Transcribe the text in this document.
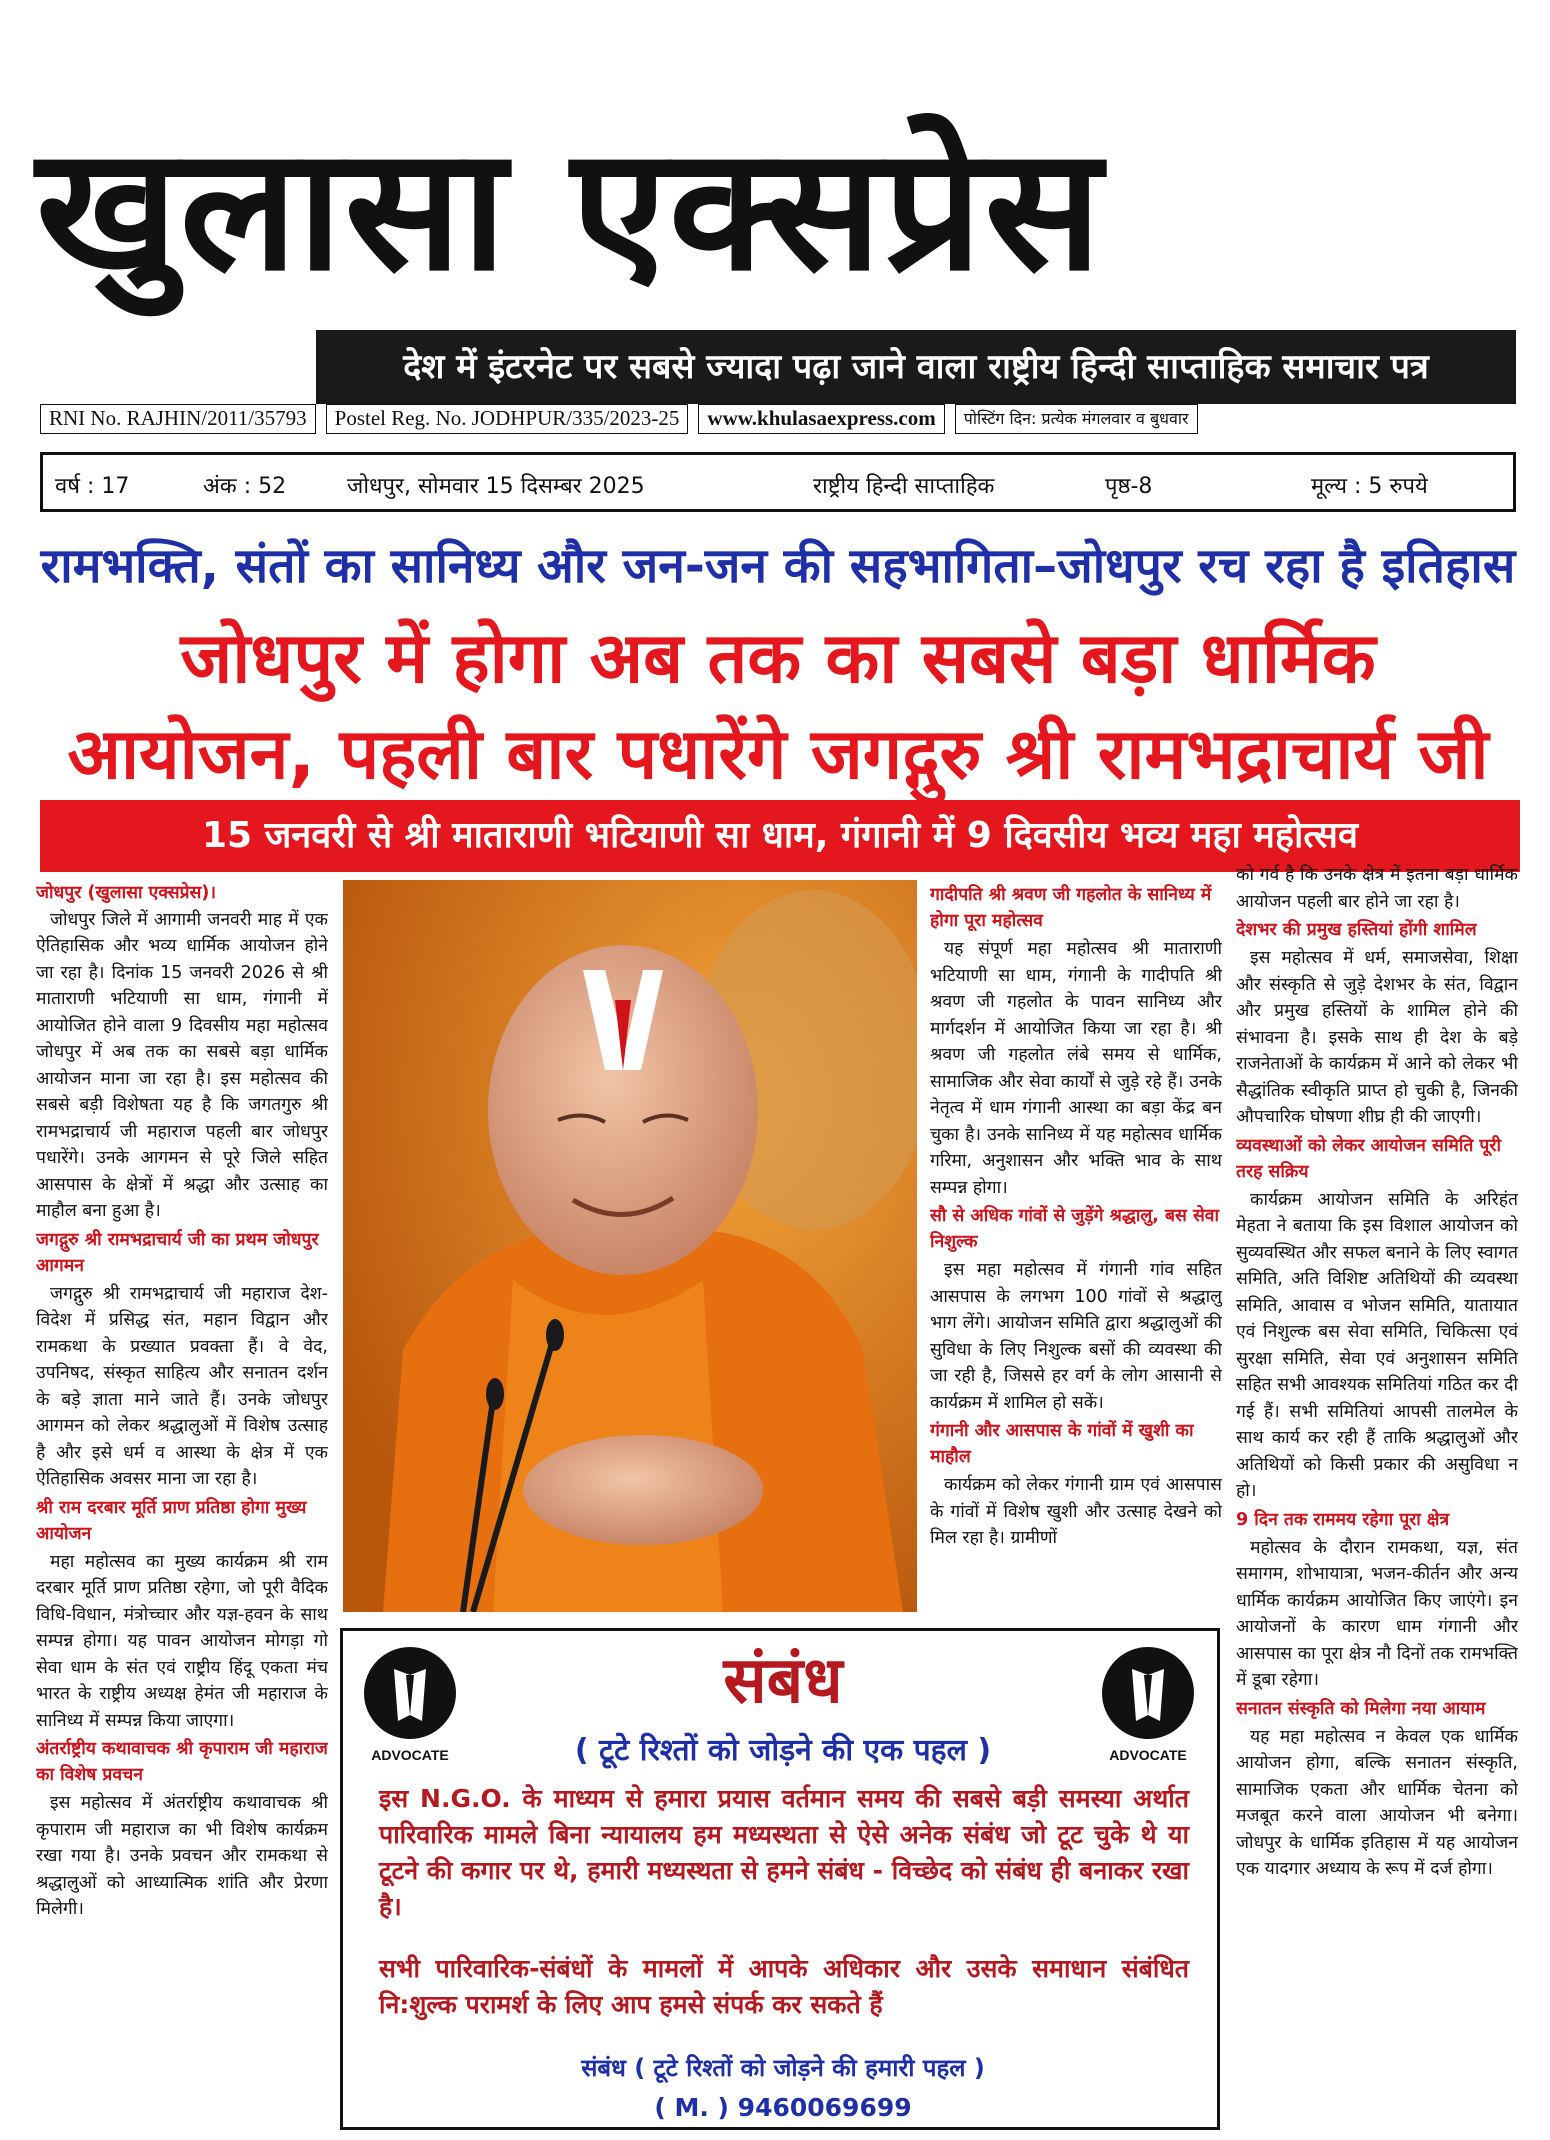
खुलासा एक्सप्रेस
देश में इंटरनेट पर सबसे ज्यादा पढ़ा जाने वाला राष्ट्रीय हिन्दी साप्ताहिक समाचार पत्र
RNI No. RAJHIN/2011/35793	Postel Reg. No. JODHPUR/335/2023-25	www.khulasaexpress.com	पोस्टिंग दिन: प्रत्येक मंगलवार व बुधवार
वर्ष : 17	अंक : 52	जोधपुर, सोमवार 15 दिसम्बर 2025	राष्ट्रीय हिन्दी साप्ताहिक	पृष्ठ-8	मूल्य : 5 रुपये
रामभक्ति, संतों का सानिध्य और जन-जन की सहभागिता–जोधपुर रच रहा है इतिहास
जोधपुर में होगा अब तक का सबसे बड़ा धार्मिक
आयोजन, पहली बार पधारेंगे जगद्गुरु श्री रामभद्राचार्य जी
15 जनवरी से श्री माताराणी भटियाणी सा धाम, गंगानी में 9 दिवसीय भव्य महा महोत्सव
जोधपुर (खुलासा एक्सप्रेस)।

जोधपुर जिले में आगामी जनवरी माह में एक ऐतिहासिक और भव्य धार्मिक आयोजन होने जा रहा है। दिनांक 15 जनवरी 2026 से श्री माताराणी भटियाणी सा धाम, गंगानी में आयोजित होने वाला 9 दिवसीय महा महोत्सव जोधपुर में अब तक का सबसे बड़ा धार्मिक आयोजन माना जा रहा है। इस महोत्सव की सबसे बड़ी विशेषता यह है कि जगतगुरु श्री रामभद्राचार्य जी महाराज पहली बार जोधपुर पधारेंगे। उनके आगमन से पूरे जिले सहित आसपास के क्षेत्रों में श्रद्धा और उत्साह का माहौल बना हुआ है।

जगद्गुरु श्री रामभद्राचार्य जी का प्रथम जोधपुर आगमन

जगद्गुरु श्री रामभद्राचार्य जी महाराज देश-विदेश में प्रसिद्ध संत, महान विद्वान और रामकथा के प्रख्यात प्रवक्ता हैं। वे वेद, उपनिषद, संस्कृत साहित्य और सनातन दर्शन के बड़े ज्ञाता माने जाते हैं। उनके जोधपुर आगमन को लेकर श्रद्धालुओं में विशेष उत्साह है और इसे धर्म व आस्था के क्षेत्र में एक ऐतिहासिक अवसर माना जा रहा है।

श्री राम दरबार मूर्ति प्राण प्रतिष्ठा होगा मुख्य आयोजन

महा महोत्सव का मुख्य कार्यक्रम श्री राम दरबार मूर्ति प्राण प्रतिष्ठा रहेगा, जो पूरी वैदिक विधि-विधान, मंत्रोच्चार और यज्ञ-हवन के साथ सम्पन्न होगा। यह पावन आयोजन मोगड़ा गो सेवा धाम के संत एवं राष्ट्रीय हिंदू एकता मंच भारत के राष्ट्रीय अध्यक्ष हेमंत जी महाराज के सानिध्य में सम्पन्न किया जाएगा।

अंतर्राष्ट्रीय कथावाचक श्री कृपाराम जी महाराज का विशेष प्रवचन

इस महोत्सव में अंतर्राष्ट्रीय कथावाचक श्री कृपाराम जी महाराज का भी विशेष कार्यक्रम रखा गया है। उनके प्रवचन और रामकथा से श्रद्धालुओं को आध्यात्मिक शांति और प्रेरणा मिलेगी।

गादीपति श्री श्रवण जी गहलोत के सानिध्य में होगा पूरा महोत्सव

यह संपूर्ण महा महोत्सव श्री माताराणी भटियाणी सा धाम, गंगानी के गादीपति श्री श्रवण जी गहलोत के पावन सानिध्य और मार्गदर्शन में आयोजित किया जा रहा है। श्री श्रवण जी गहलोत लंबे समय से धार्मिक, सामाजिक और सेवा कार्यों से जुड़े रहे हैं। उनके नेतृत्व में धाम गंगानी आस्था का बड़ा केंद्र बन चुका है। उनके सानिध्य में यह महोत्सव धार्मिक गरिमा, अनुशासन और भक्ति भाव के साथ सम्पन्न होगा।

सौ से अधिक गांवों से जुड़ेंगे श्रद्धालु, बस सेवा निशुल्क

इस महा महोत्सव में गंगानी गांव सहित आसपास के लगभग 100 गांवों से श्रद्धालु भाग लेंगे। आयोजन समिति द्वारा श्रद्धालुओं की सुविधा के लिए निशुल्क बसों की व्यवस्था की जा रही है, जिससे हर वर्ग के लोग आसानी से कार्यक्रम में शामिल हो सकें।

गंगानी और आसपास के गांवों में खुशी का माहौल

कार्यक्रम को लेकर गंगानी ग्राम एवं आसपास के गांवों में विशेष खुशी और उत्साह देखने को मिल रहा है। ग्रामीणों

को गर्व है कि उनके क्षेत्र में इतना बड़ा धार्मिक आयोजन पहली बार होने जा रहा है।

देशभर की प्रमुख हस्तियां होंगी शामिल

इस महोत्सव में धर्म, समाजसेवा, शिक्षा और संस्कृति से जुड़े देशभर के संत, विद्वान और प्रमुख हस्तियों के शामिल होने की संभावना है। इसके साथ ही देश के बड़े राजनेताओं के कार्यक्रम में आने को लेकर भी सैद्धांतिक स्वीकृति प्राप्त हो चुकी है, जिनकी औपचारिक घोषणा शीघ्र ही की जाएगी।

व्यवस्थाओं को लेकर आयोजन समिति पूरी तरह सक्रिय

कार्यक्रम आयोजन समिति के अरिहंत मेहता ने बताया कि इस विशाल आयोजन को सुव्यवस्थित और सफल बनाने के लिए स्वागत समिति, अति विशिष्ट अतिथियों की व्यवस्था समिति, आवास व भोजन समिति, यातायात एवं निशुल्क बस सेवा समिति, चिकित्सा एवं सुरक्षा समिति, सेवा एवं अनुशासन समिति सहित सभी आवश्यक समितियां गठित कर दी गई हैं। सभी समितियां आपसी तालमेल के साथ कार्य कर रही हैं ताकि श्रद्धालुओं और अतिथियों को किसी प्रकार की असुविधा न हो।

9 दिन तक राममय रहेगा पूरा क्षेत्र

महोत्सव के दौरान रामकथा, यज्ञ, संत समागम, शोभायात्रा, भजन-कीर्तन और अन्य धार्मिक कार्यक्रम आयोजित किए जाएंगे। इन आयोजनों के कारण धाम गंगानी और आसपास का पूरा क्षेत्र नौ दिनों तक रामभक्ति में डूबा रहेगा।

सनातन संस्कृति को मिलेगा नया आयाम

यह महा महोत्सव न केवल एक धार्मिक आयोजन होगा, बल्कि सनातन संस्कृति, सामाजिक एकता और धार्मिक चेतना को मजबूत करने वाला आयोजन भी बनेगा। जोधपुर के धार्मिक इतिहास में यह आयोजन एक यादगार अध्याय के रूप में दर्ज होगा।

ADVOCATE	ADVOCATE
संबंध
( टूटे रिश्तों को जोड़ने की एक पहल )
इस N.G.O. के माध्यम से हमारा प्रयास वर्तमान समय की सबसे बड़ी समस्या अर्थात पारिवारिक मामले बिना न्यायालय हम मध्यस्थता से ऐसे अनेक संबंध जो टूट चुके थे या टूटने की कगार पर थे, हमारी मध्यस्थता से हमने संबंध - विच्छेद को संबंध ही बनाकर रखा है।
सभी पारिवारिक-संबंधों के मामलों में आपके अधिकार और उसके समाधान संबंधित नि:शुल्क परामर्श के लिए आप हमसे संपर्क कर सकते हैं
संबंध ( टूटे रिश्तों को जोड़ने की हमारी पहल )
( M. ) 9460069699
